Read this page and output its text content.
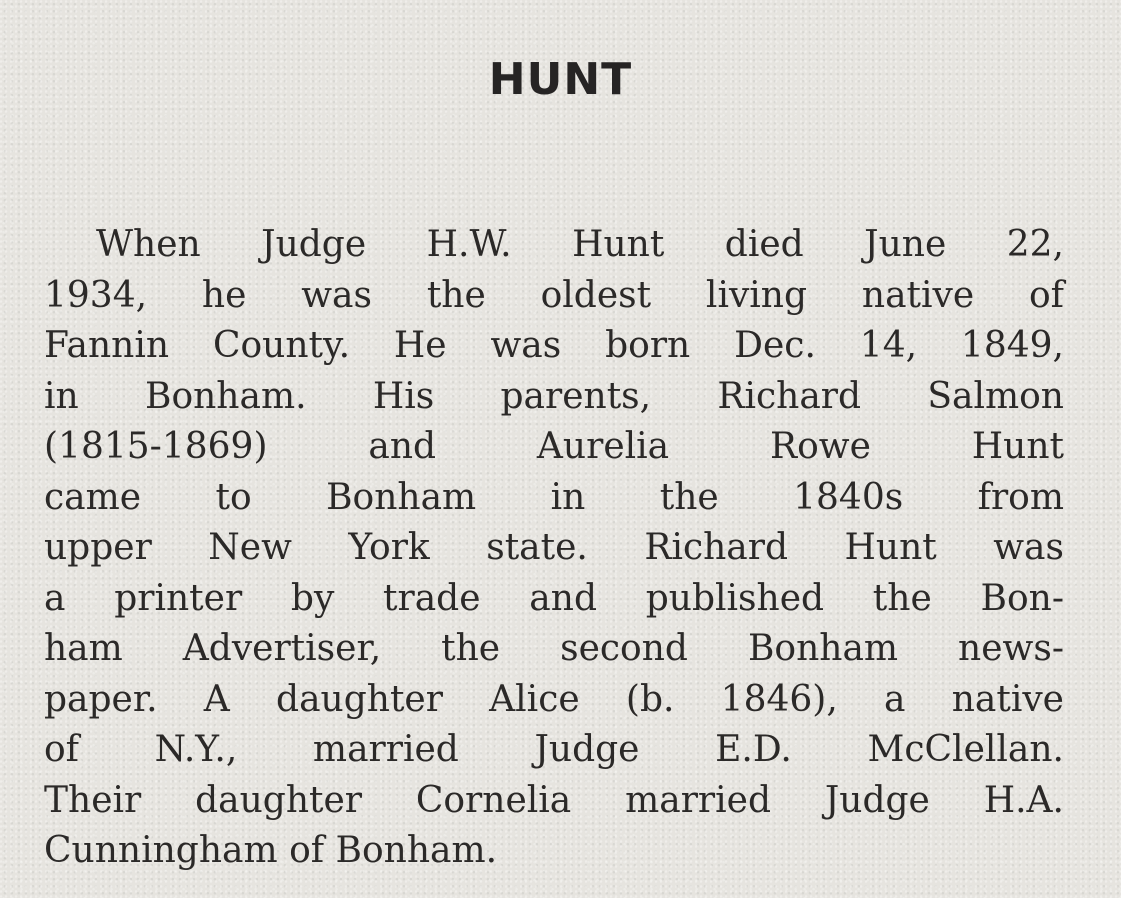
HUNT
When Judge H.W. Hunt died June 22,
1934, he was the oldest living native of
Fannin County. He was born Dec. 14, 1849,
in Bonham. His parents, Richard Salmon
(1815-1869) and Aurelia Rowe Hunt
came to Bonham in the 1840s from
upper New York state. Richard Hunt was
a printer by trade and published the Bon-
ham Advertiser, the second Bonham news-
paper. A daughter Alice (b. 1846), a native
of N.Y., married Judge E.D. McClellan.
Their daughter Cornelia married Judge H.A.
Cunningham of Bonham.
